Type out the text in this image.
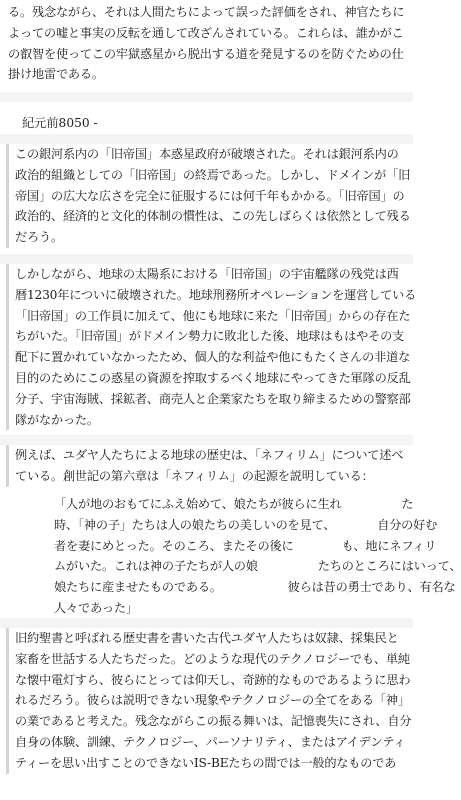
る。残念ながら、それは人間たちによって誤った評価をされ、神官たちに
よっての嘘と事実の反転を通して改ざんされている。これらは、誰かがこ
の叡智を使ってこの牢獄惑星から脱出する道を発見するのを防ぐための仕
掛け地雷である。
紀元前8050 -
この銀河系内の「旧帝国」本惑星政府が破壊された。それは銀河系内の
政治的組織としての「旧帝国」の終焉であった。しかし、ドメインが「旧
帝国」の広大な広さを完全に征服するには何千年もかかる。「旧帝国」の
政治的、経済的と文化的体制の慣性は、この先しばらくは依然として残る
だろう。
しかしながら、地球の太陽系における「旧帝国」の宇宙艦隊の残党は西
暦1230年についに破壊された。地球刑務所オペレーションを運営している
「旧帝国」の工作員に加えて、他にも地球に来た「旧帝国」からの存在た
ちがいた。「旧帝国」がドメイン勢力に敗北した後、地球はもはやその支
配下に置かれていなかったため、個人的な利益や他にもたくさんの非道な
目的のためにこの惑星の資源を搾取するべく地球にやってきた軍隊の反乱
分子、宇宙海賊、採鉱者、商売人と企業家たちを取り締まるための警察部
隊がなかった。
例えば、ユダヤ人たちによる地球の歴史は、「ネフィリム」について述べ
ている。創世記の第六章は「ネフィリム」の起源を説明している：
「人が地のおもてにふえ始めて、娘たちが彼らに生れ　　　　　た
時、「神の子」たちは人の娘たちの美しいのを見て、　　　　自分の好む
者を妻にめとった。そのころ、またその後に　　　　も、地にネフィリ
ムがいた。これは神の子たちが人の娘　　　　　たちのところにはいって、
娘たちに産ませたものである。　　　　　　彼らは昔の勇士であり、有名な
人々であった」
旧約聖書と呼ばれる歴史書を書いた古代ユダヤ人たちは奴隷、採集民と
家畜を世話する人たちだった。どのような現代のテクノロジーでも、単純
な懐中電灯すら、彼らにとっては仰天し、奇跡的なものであるように思わ
れるだろう。彼らは説明できない現象やテクノロジーの全てをある「神」
の業であると考えた。残念ながらこの振る舞いは、記憶喪失にされ、自分
自身の体験、訓練、テクノロジー、パーソナリティ、またはアイデンティ
ティーを思い出すことのできないIS-BEたちの間では一般的なものであ
